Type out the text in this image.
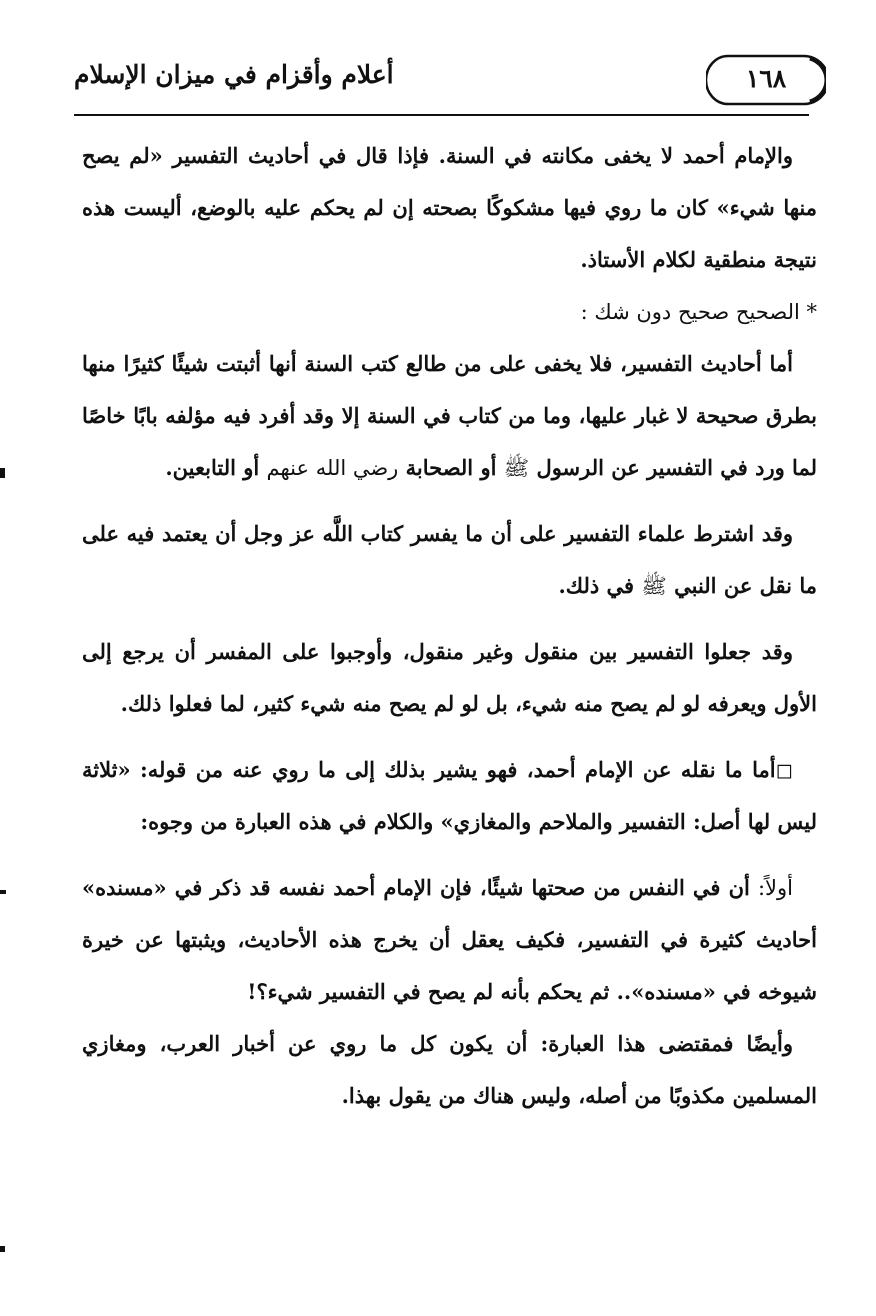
أعلام وأقزام في ميزان الإسلام	١٦٨

والإمام أحمد لا يخفى مكانته في السنة. فإذا قال في أحاديث التفسير «لم يصح منها شيء» كان ما روي فيها مشكوكًا بصحته إن لم يحكم عليه بالوضع، أليست هذه نتيجة منطقية لكلام الأستاذ.

* الصحيح صحيح دون شك :

أما أحاديث التفسير، فلا يخفى على من طالع كتب السنة أنها أثبتت شيئًا كثيرًا منها بطرق صحيحة لا غبار عليها، وما من كتاب في السنة إلا وقد أفرد فيه مؤلفه بابًا خاصًا لما ورد في التفسير عن الرسول ﷺ أو الصحابة رضي الله عنهم أو التابعين.

وقد اشترط علماء التفسير على أن ما يفسر كتاب اللَّه عز وجل أن يعتمد فيه على ما نقل عن النبي ﷺ في ذلك.

وقد جعلوا التفسير بين منقول وغير منقول، وأوجبوا على المفسر أن يرجع إلى الأول ويعرفه لو لم يصح منه شيء، بل لو لم يصح منه شيء كثير، لما فعلوا ذلك.

◻أما ما نقله عن الإمام أحمد، فهو يشير بذلك إلى ما روي عنه من قوله: «ثلاثة ليس لها أصل: التفسير والملاحم والمغازي» والكلام في هذه العبارة من وجوه:

أولاً: أن في النفس من صحتها شيئًا، فإن الإمام أحمد نفسه قد ذكر في «مسنده» أحاديث كثيرة في التفسير، فكيف يعقل أن يخرج هذه الأحاديث، ويثبتها عن خيرة شيوخه في «مسنده».. ثم يحكم بأنه لم يصح في التفسير شيء؟!

وأيضًا فمقتضى هذا العبارة: أن يكون كل ما روي عن أخبار العرب، ومغازي المسلمين مكذوبًا من أصله، وليس هناك من يقول بهذا.
